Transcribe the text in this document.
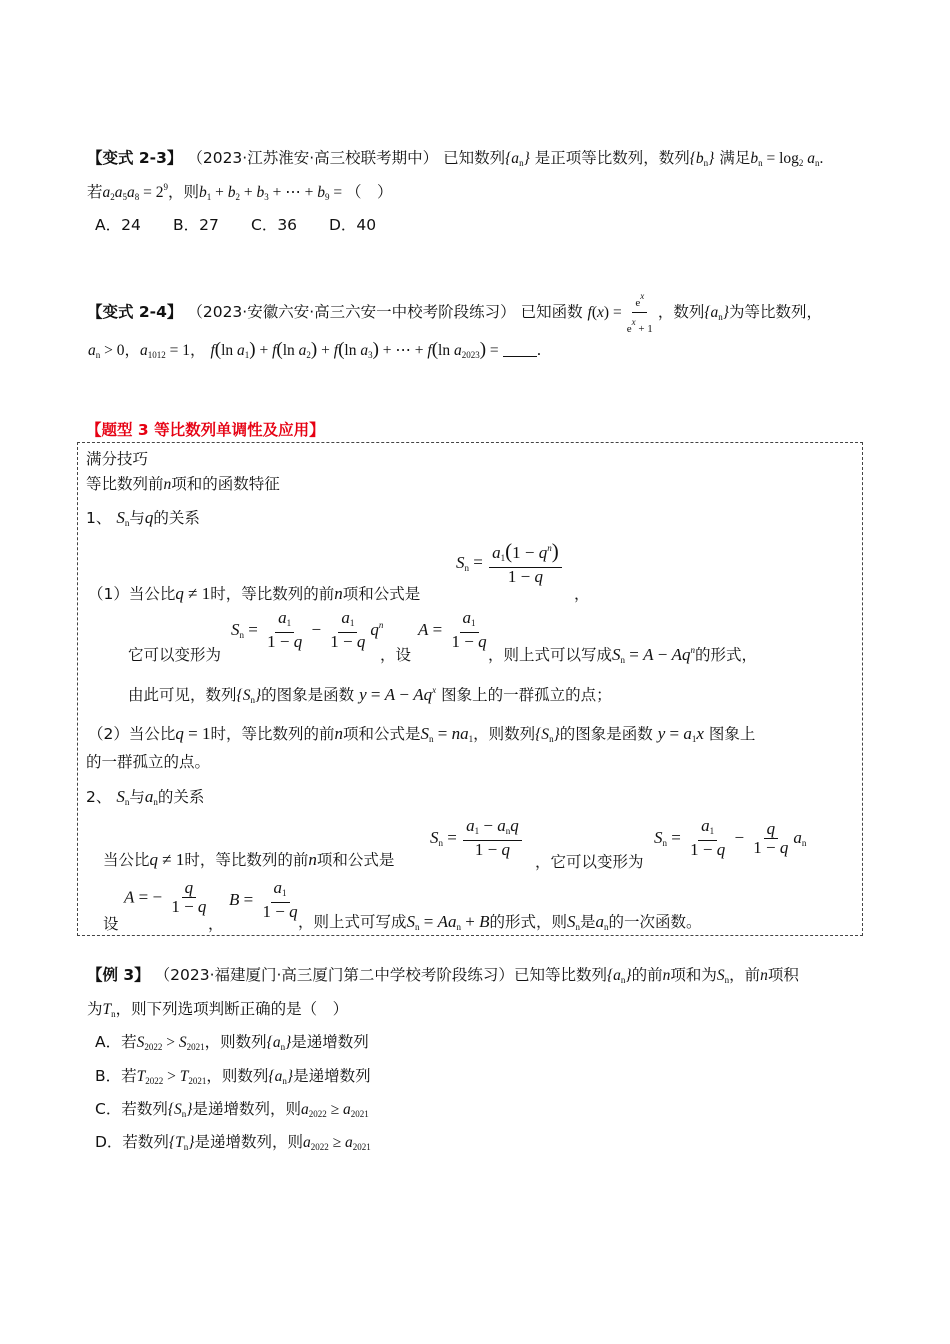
【变式 2-3】 （2023·江苏淮安·高三校联考期中） 已知数列$\{a_n\}$ 是正项等比数列，数列$\{b_n\}$ 满足$b_n = \log_2 a_n$.
若$a_2a_5a_8 = 2^9$，则$b_1 + b_2 + b_3$ + ⋯ + $b_9$ = （　）
A．24 B．27 C．36 D．40
【变式 2-4】 （2023·安徽六安·高三六安一中校考阶段练习） 已知函数 $f(x) = \frac{e^x}{e^x + 1}$ ，数列$\{a_n\}$为等比数列，
$a_n > 0$，$a_{1012} = 1$， f(ln $a_1) + f(\ln$ $a_2) + f(\ln$ $a_3$) + ⋯ + f(ln $a_{2023}$) = .
【题型 3 等比数列单调性及应用】
满分技巧
等比数列前n项和的函数特征
1、 $S_n$与q的关系
（1）当公比q ≠ 1时，等比数列的前n项和公式是
$S_n = \frac{a_1(1 - q^n)}{1 - q}$
，
它可以变形为
$S_n = \frac{a_1}{1 - q} - \frac{a_1}{1 - q} q^n$
，设
$A = \frac{a_1}{1 - q}$
，则上式可以写成$S_n = A - Aq^n$的形式，
由此可见，数列$\{S_n\}$的图象是函数 $y = A - Aq^x$ 图象上的一群孤立的点；
（2）当公比q = 1时，等比数列的前n项和公式是$S_n = na_1$，则数列$\{S_n\}$的图象是函数 $y = a_1x$ 图象上
的一群孤立的点。
2、 $S_n$与$a_n$的关系
当公比q ≠ 1时，等比数列的前n项和公式是
$S_n = \frac{a_1 - a_nq}{1 - q}$
，它可以变形为
$S_n = \frac{a_1}{1 - q} - \frac{q}{1 - q} a_n$
设
A = − $\frac{q}{1 - q}$
，
$B = \frac{a_1}{1 - q}$
，则上式可写成$S_n = Aa_n + B$的形式，则$S_n$是$a_n$的一次函数。
【例 3】 （2023·福建厦门·高三厦门第二中学校考阶段练习）已知等比数列$\{a_n\}$的前n项和为$S_n$，前n项积
为$T_n$，则下列选项判断正确的是（　）
A．若$S_{2022} > S_{2021}$，则数列$\{a_n\}$是递增数列
B．若$T_{2022} > T_{2021}$，则数列$\{a_n\}$是递增数列
C．若数列$\{S_n\}$是递增数列，则$a_{2022} \ge a_{2021}$
D．若数列$\{T_n\}$是递增数列，则$a_{2022} \ge a_{2021}$
